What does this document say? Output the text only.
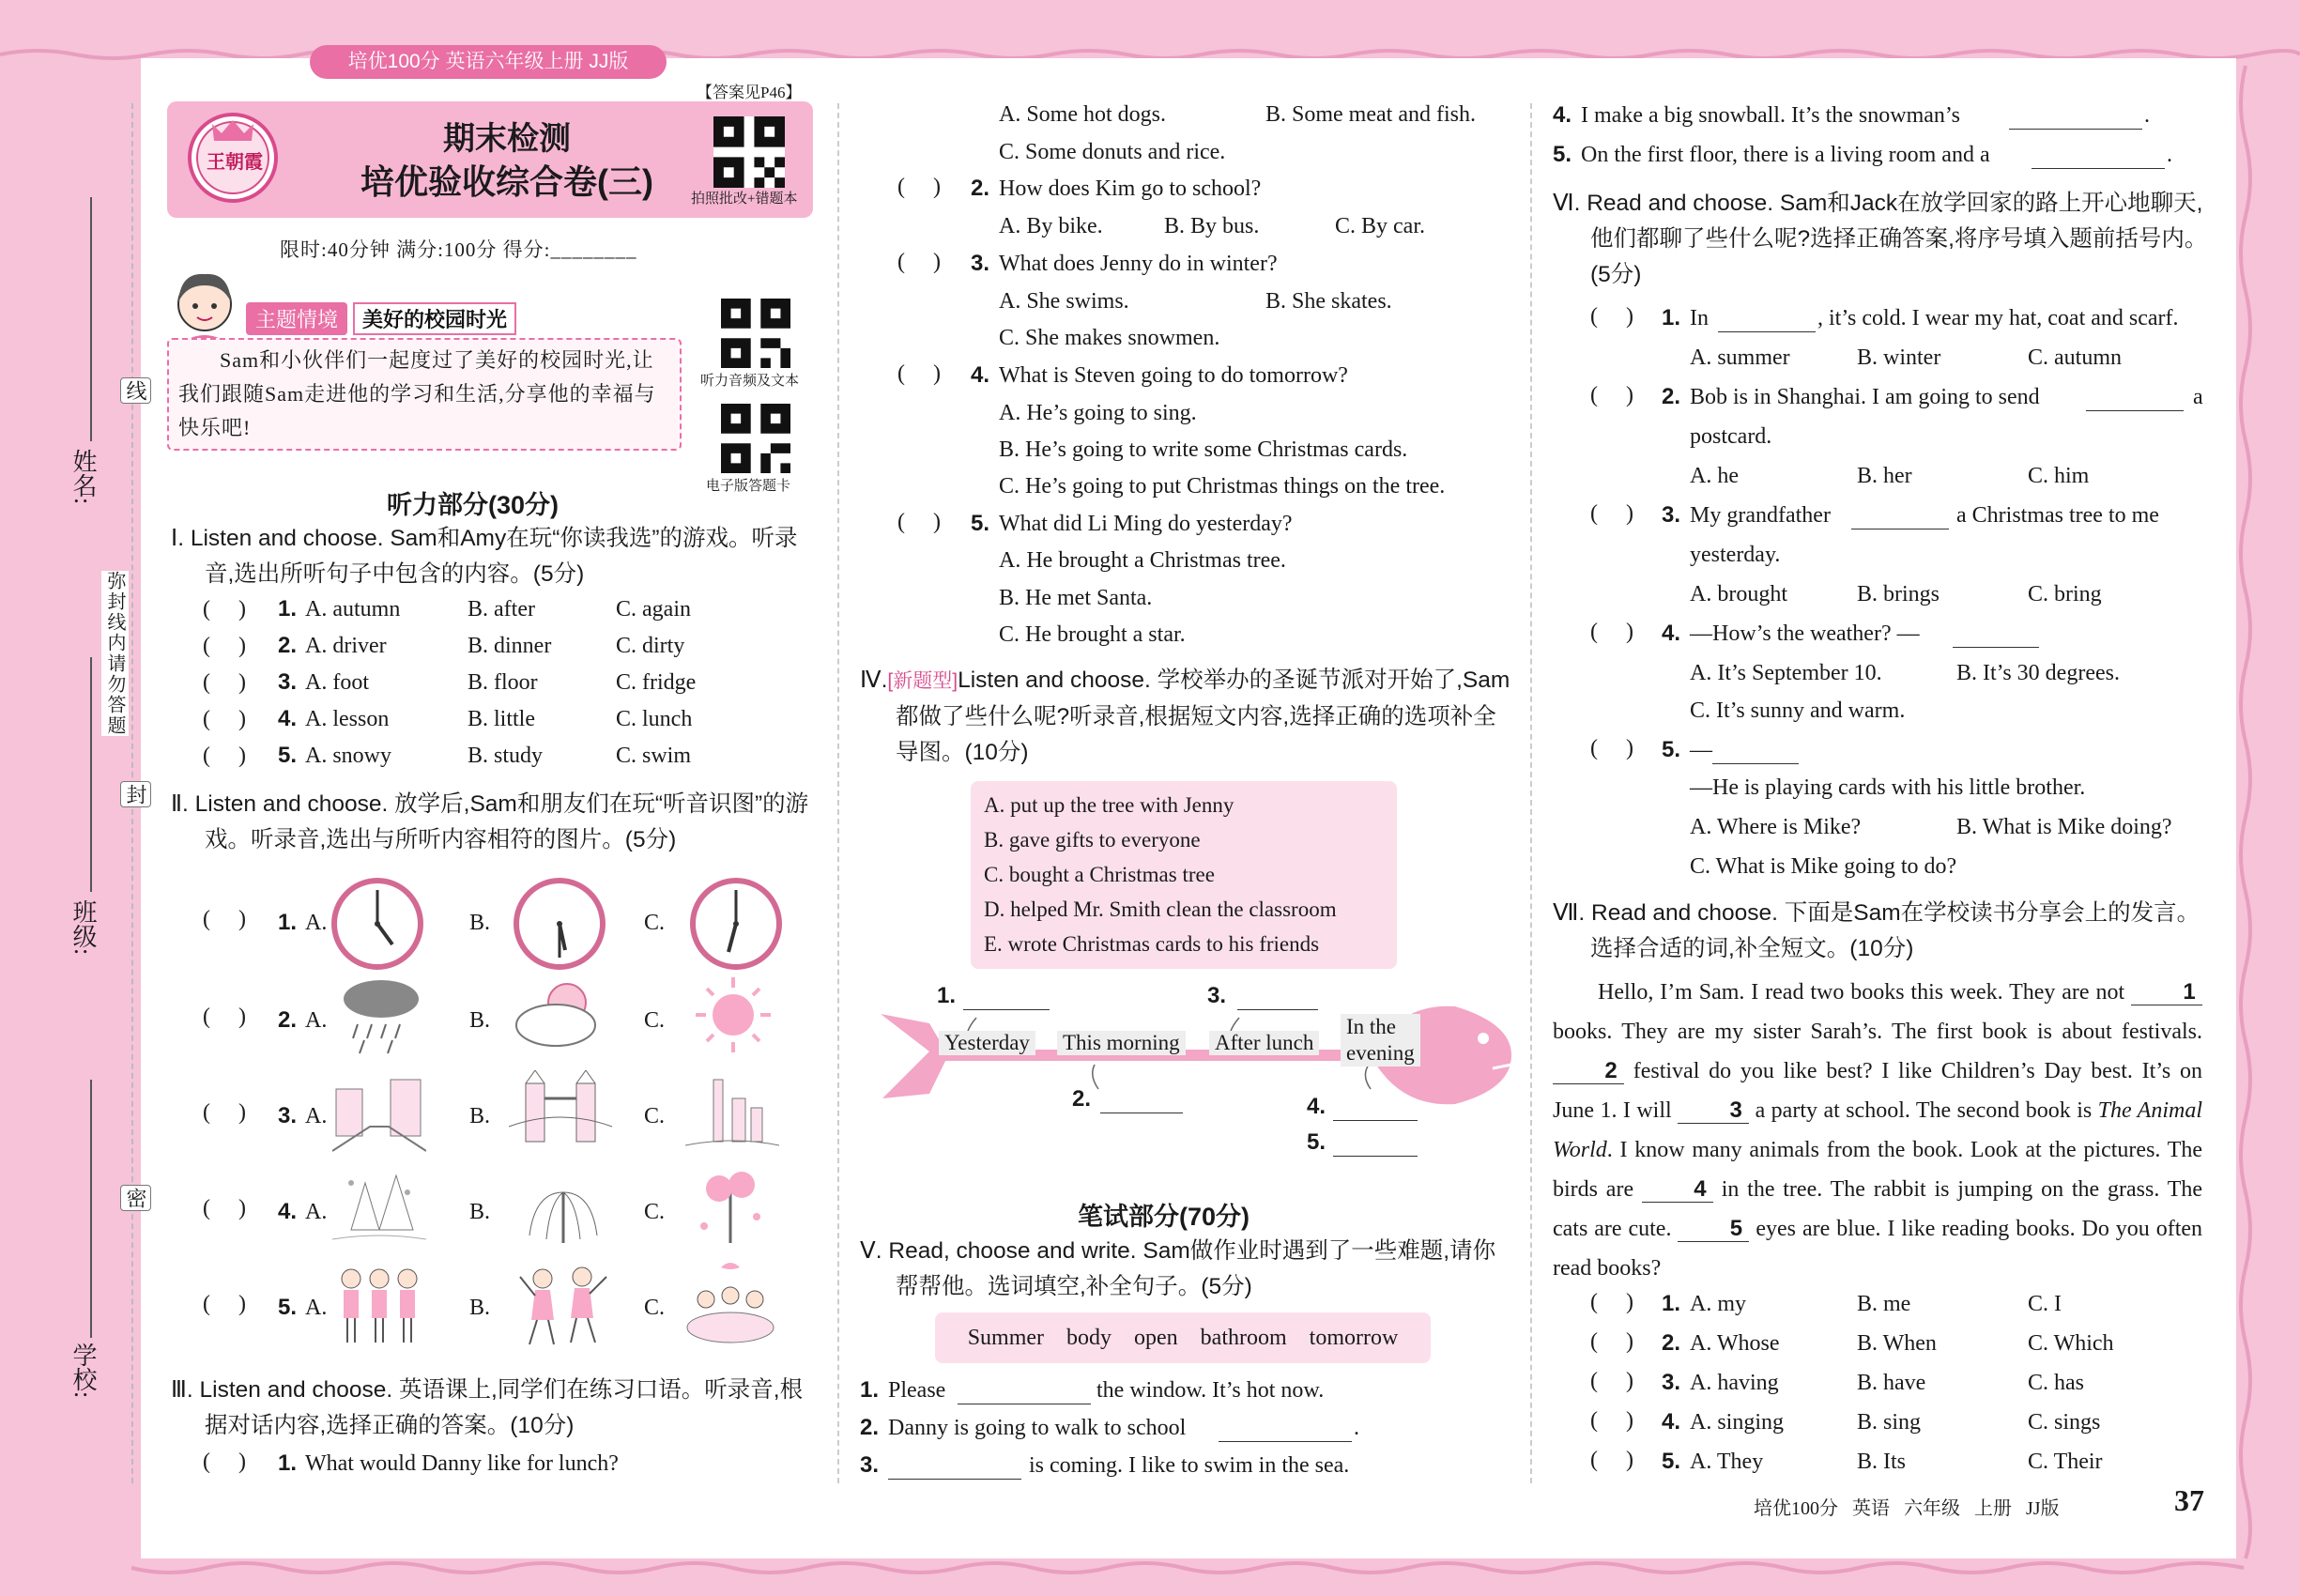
培优100分 英语六年级上册 JJ版
姓名:
班级:
学校:
线
封
密
弥封线内请勿答题
王朝霞
【答案见P46】
期末检测
培优验收综合卷(三)	拍照批改+错题本
限时:40分钟 满分:100分 得分:________
主题情境	美好的校园时光
Sam和小伙伴们一起度过了美好的校园时光,让我们跟随Sam走进他的学习和生活,分享他的幸福与快乐吧!
听力音频及文本
电子版答题卡
听力部分(30分)
Ⅰ. Listen and choose. Sam和Amy在玩“你读我选”的游戏。听录音,选出所听句子中包含的内容。(5分)
(     ) 1. A. autumn	B. after	C. again
(     ) 2. A. driver	B. dinner	C. dirty
(     ) 3. A. foot	B. floor	C. fridge
(     ) 4. A. lesson	B. little	C. lunch
(     ) 5. A. snowy	B. study	C. swim
Ⅱ. Listen and choose. 放学后,Sam和朋友们在玩“听音识图”的游戏。听录音,选出与所听内容相符的图片。(5分)
(     ) 1. A.	B.	C.
(     ) 2. A.	B.	C.
(     ) 3. A.	B.	C.
(     ) 4. A.	B.	C.
(     ) 5. A.	B.	C.
Ⅲ. Listen and choose. 英语课上,同学们在练习口语。听录音,根据对话内容,选择正确的答案。(10分)
(     ) 1. What would Danny like for lunch?
A. Some hot dogs.	B. Some meat and fish.
C. Some donuts and rice.
(     ) 2. How does Kim go to school?
A. By bike.	B. By bus.	C. By car.
(     ) 3. What does Jenny do in winter?
A. She swims.	B. She skates.
C. She makes snowmen.
(     ) 4. What is Steven going to do tomorrow?
A. He’s going to sing.
B. He’s going to write some Christmas cards.
C. He’s going to put Christmas things on the tree.
(     ) 5. What did Li Ming do yesterday?
A. He brought a Christmas tree.
B. He met Santa.
C. He brought a star.
Ⅳ.[新题型]Listen and choose. 学校举办的圣诞节派对开始了,Sam都做了些什么呢?听录音,根据短文内容,选择正确的选项补全导图。(10分)
A. put up the tree with Jenny
B. gave gifts to everyone
C. bought a Christmas tree
D. helped Mr. Smith clean the classroom
E. wrote Christmas cards to his friends
Yesterday This morning After lunch
In the
evening
1.	3.
2.	4.
5.
笔试部分(70分)
Ⅴ. Read, choose and write. Sam做作业时遇到了一些难题,请你帮帮他。选词填空,补全句子。(5分)
Summer    body    open    bathroom    tomorrow
1. Please	the window. It’s hot now.
2. Danny is going to walk to school	.
3.	is coming. I like to swim in the sea.
4. I make a big snowball. It’s the snowman’s	.
5. On the first floor, there is a living room and a	.
Ⅵ. Read and choose. Sam和Jack在放学回家的路上开心地聊天,他们都聊了些什么呢?选择正确答案,将序号填入题前括号内。(5分)
(     ) 1. In	, it’s cold. I wear my hat, coat and scarf.
A. summer	B. winter	C. autumn
(     ) 2. Bob is in Shanghai. I am going to send	a
postcard.
A. he	B. her	C. him
(     ) 3. My grandfather	a Christmas tree to me
yesterday.
A. brought	B. brings	C. bring
(     ) 4. —How’s the weather? —
A. It’s September 10.	B. It’s 30 degrees.
C. It’s sunny and warm.
(     ) 5. —
—He is playing cards with his little brother.
A. Where is Mike?	B. What is Mike doing?
C. What is Mike going to do?
Ⅶ. Read and choose. 下面是Sam在学校读书分享会上的发言。选择合适的词,补全短文。(10分)
Hello, I’m Sam. I read two books this week. They are not	1 books. They are my sister Sarah’s. The first book is about festivals. 2 festival do you like best? I like Children’s Day best. It’s on June 1. I will	3 a party at school. The second book is The Animal World. I know many animals from the book. Look at the pictures. The birds are	4 in the tree. The rabbit is jumping on the grass. The cats are cute.	5 eyes are blue. I like reading books. Do you often read books?
(     ) 1. A. my	B. me	C. I
(     ) 2. A. Whose	B. When	C. Which
(     ) 3. A. having	B. have	C. has
(     ) 4. A. singing	B. sing	C. sings
(     ) 5. A. They	B. Its	C. Their
培优100分   英语   六年级   上册   JJ版	37
